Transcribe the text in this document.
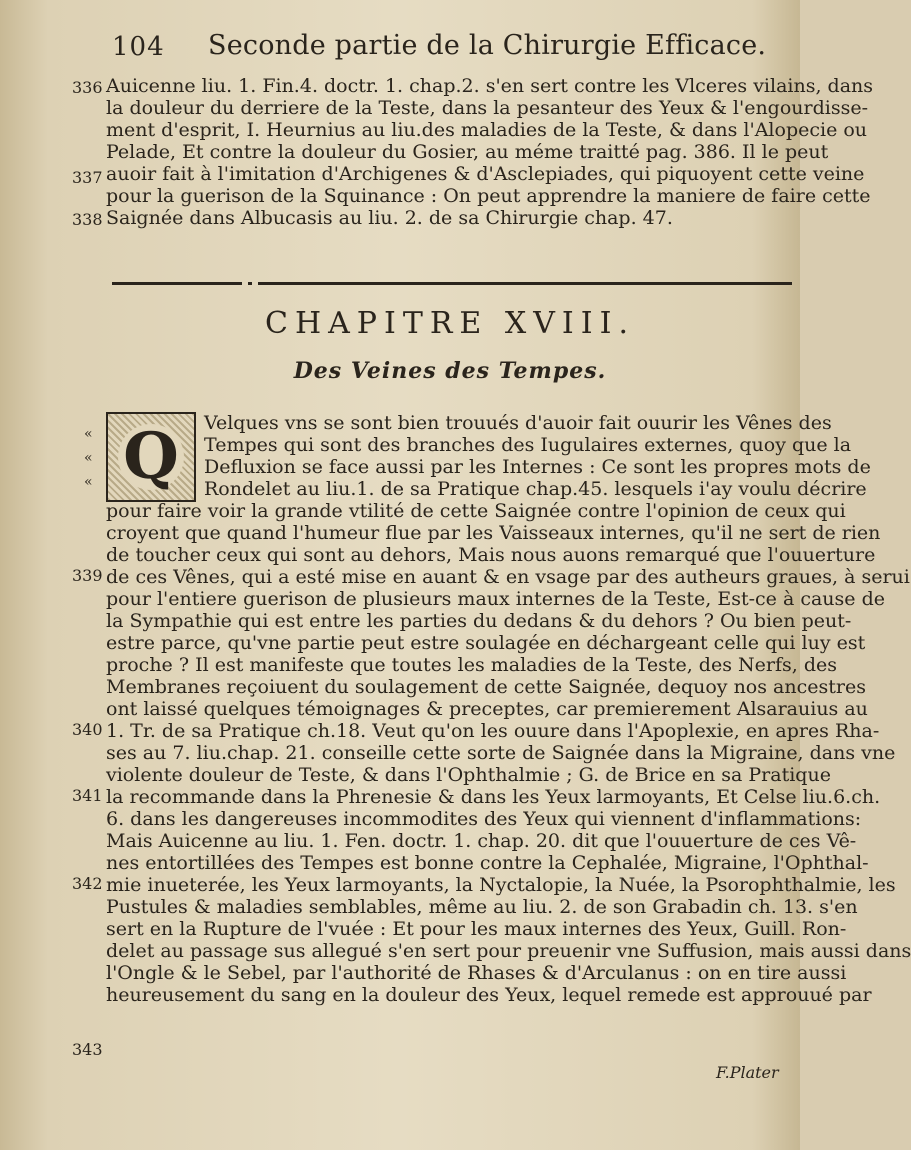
104 Seconde partie de la Chirurgie Efficace.
Auicenne liu. 1. Fin.4. doctr. 1. chap.2. s'en sert contre les Vlceres vilains, dans
la douleur du derriere de la Teste, dans la pesanteur des Yeux & l'engourdisse-
ment d'esprit, I. Heurnius au liu.des maladies de la Teste, & dans l'Alopecie ou
Pelade, Et contre la douleur du Gosier, au méme traitté pag. 386. Il le peut
auoir fait à l'imitation d'Archigenes & d'Asclepiades, qui piquoyent cette veine
pour la guerison de la Squinance : On peut apprendre la maniere de faire cette
Saignée dans Albucasis au liu. 2. de sa Chirurgie chap. 47.
336
337
338
CHAPITRE XVIII.
Des Veines des Tempes.
«
«
« Q	Velques vns se sont bien trouués d'auoir fait ouurir les Vênes des
Tempes qui sont des branches des Iugulaires externes, quoy que la
Defluxion se face aussi par les Internes : Ce sont les propres mots de
Rondelet au liu.1. de sa Pratique chap.45. lesquels i'ay voulu décrire
pour faire voir la grande vtilité de cette Saignée contre l'opinion de ceux qui
croyent que quand l'humeur flue par les Vaisseaux internes, qu'il ne sert de rien
de toucher ceux qui sont au dehors, Mais nous auons remarqué que l'ouuerture
de ces Vênes, qui a esté mise en auant & en vsage par des autheurs graues, à serui
pour l'entiere guerison de plusieurs maux internes de la Teste, Est-ce à cause de
la Sympathie qui est entre les parties du dedans & du dehors ? Ou bien peut-
estre parce, qu'vne partie peut estre soulagée en déchargeant celle qui luy est
proche ? Il est manifeste que toutes les maladies de la Teste, des Nerfs, des
Membranes reçoiuent du soulagement de cette Saignée, dequoy nos ancestres
ont laissé quelques témoignages & preceptes, car premierement Alsarauius au
1. Tr. de sa Pratique ch.18. Veut qu'on les ouure dans l'Apoplexie, en apres Rha-
ses au 7. liu.chap. 21. conseille cette sorte de Saignée dans la Migraine, dans vne
violente douleur de Teste, & dans l'Ophthalmie ; G. de Brice en sa Pratique
la recommande dans la Phrenesie & dans les Yeux larmoyants, Et Celse liu.6.ch.
6. dans les dangereuses incommodites des Yeux qui viennent d'inflammations:
Mais Auicenne au liu. 1. Fen. doctr. 1. chap. 20. dit que l'ouuerture de ces Vê-
nes entortillées des Tempes est bonne contre la Cephalée, Migraine, l'Ophthal-
mie inueterée, les Yeux larmoyants, la Nyctalopie, la Nuée, la Psorophthalmie, les
Pustules & maladies semblables, même au liu. 2. de son Grabadin ch. 13. s'en
sert en la Rupture de l'vuée : Et pour les maux internes des Yeux, Guill. Ron-
delet au passage sus allegué s'en sert pour preuenir vne Suffusion, mais aussi dans
l'Ongle & le Sebel, par l'authorité de Rhases & d'Arculanus : on en tire aussi
heureusement du sang en la douleur des Yeux, lequel remede est approuué par
339
340
341
342
343
F.Plater
